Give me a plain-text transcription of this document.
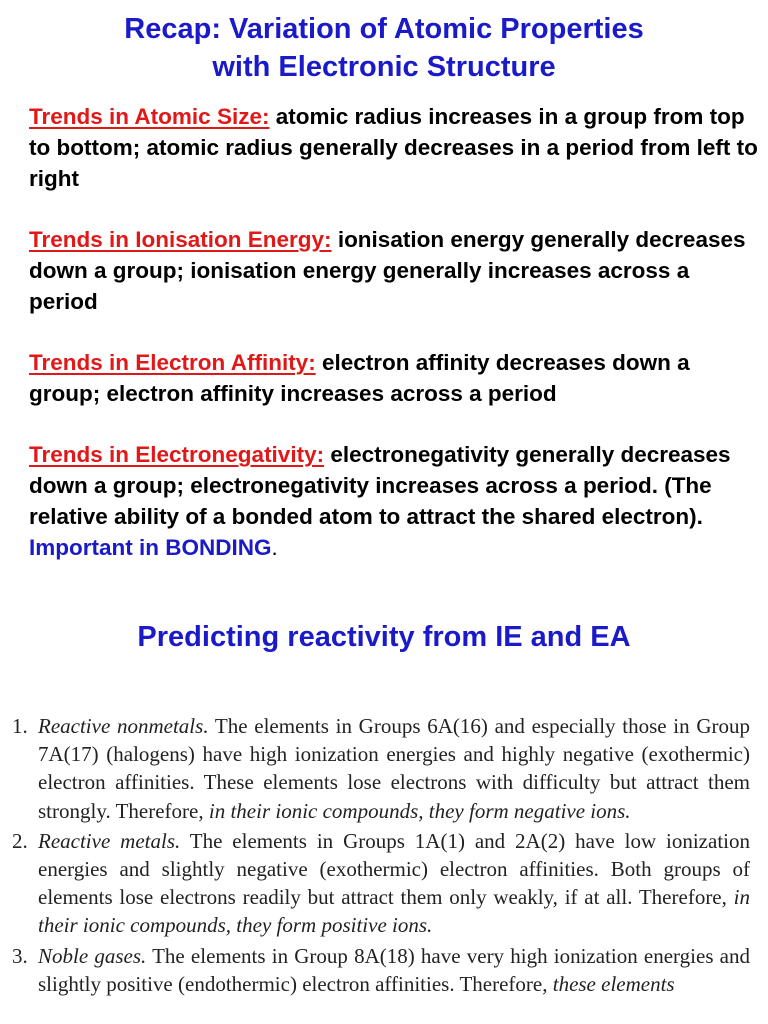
Recap: Variation of Atomic Properties
with Electronic Structure
Trends in Atomic Size: atomic radius increases in a group from top to bottom; atomic radius generally decreases in a period from left to right
Trends in Ionisation Energy: ionisation energy generally decreases down a group; ionisation energy generally increases across a period
Trends in Electron Affinity: electron affinity decreases down a group; electron affinity increases across a period
Trends in Electronegativity: electronegativity generally decreases down a group; electronegativity increases across a period. (The relative ability of a bonded atom to attract the shared electron). Important in BONDING.
Predicting reactivity from IE and EA
1. Reactive nonmetals. The elements in Groups 6A(16) and especially those in Group 7A(17) (halogens) have high ionization energies and highly negative (exothermic) electron affinities. These elements lose electrons with difficulty but attract them strongly. Therefore, in their ionic compounds, they form negative ions.
2. Reactive metals. The elements in Groups 1A(1) and 2A(2) have low ionization energies and slightly negative (exothermic) electron affinities. Both groups of elements lose electrons readily but attract them only weakly, if at all. Therefore, in their ionic compounds, they form positive ions.
3. Noble gases. The elements in Group 8A(18) have very high ionization energies and slightly positive (endothermic) electron affinities. Therefore, these elements
